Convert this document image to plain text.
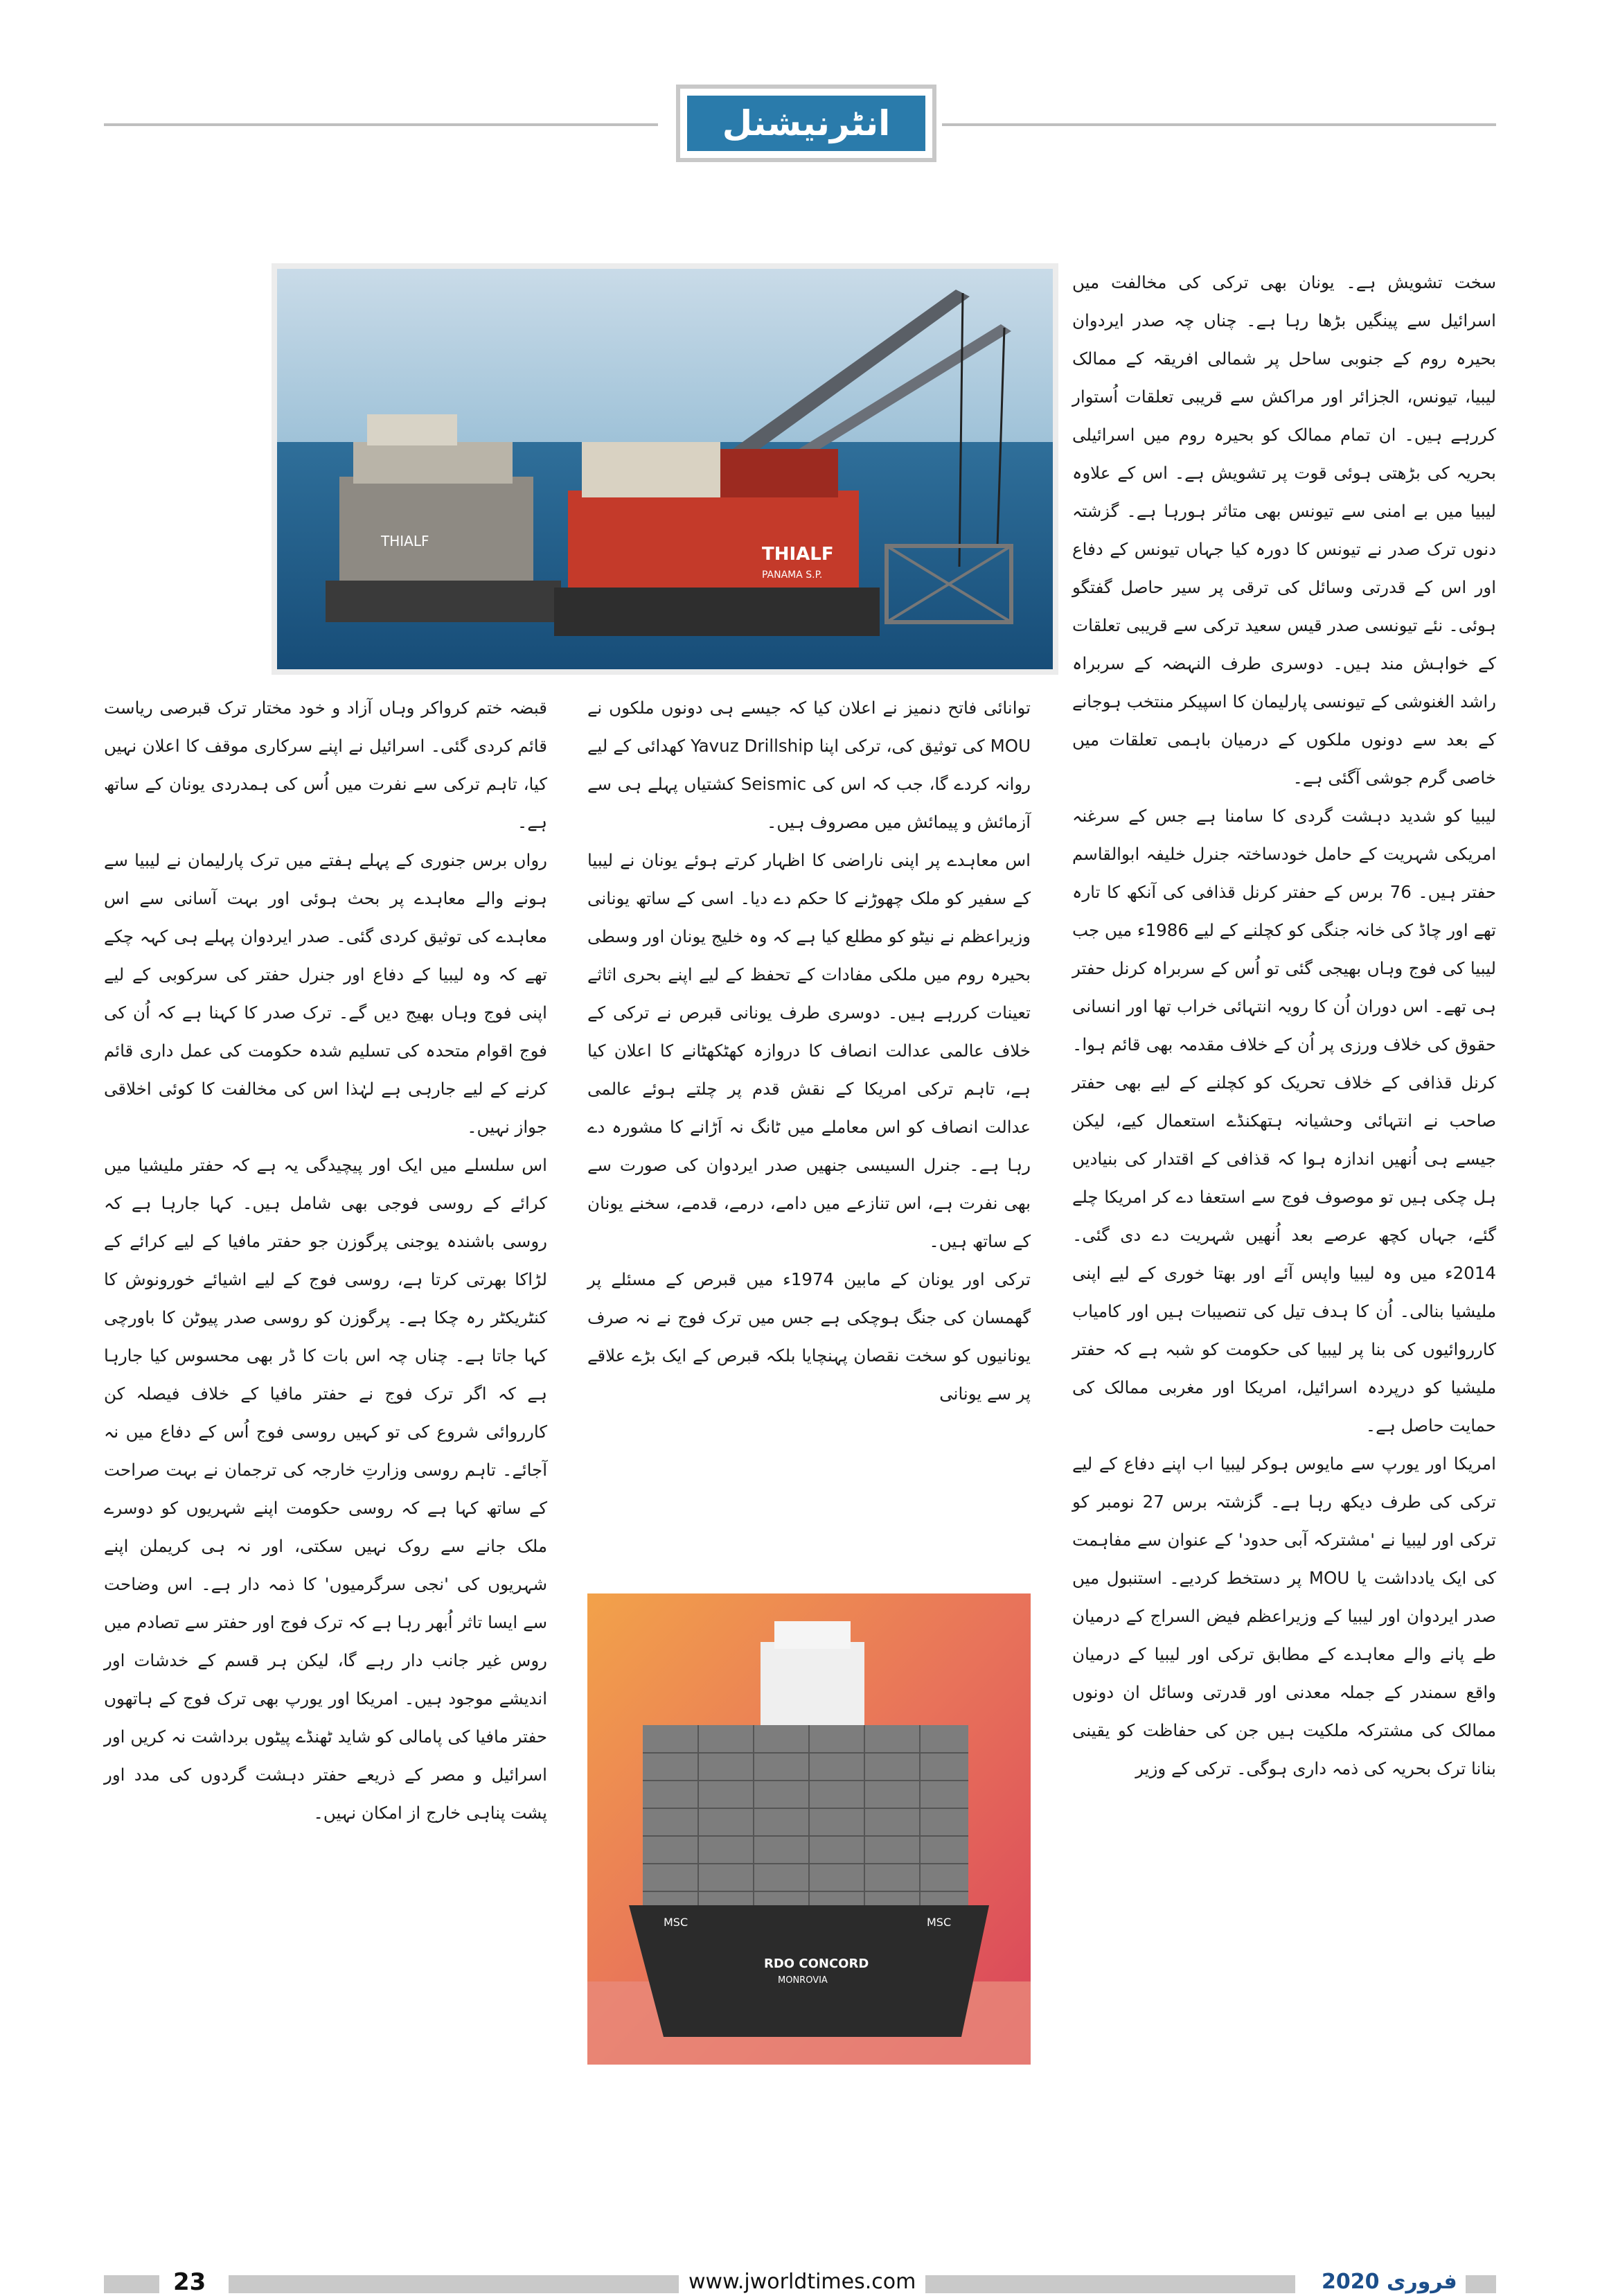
انٹرنیشنل
THIALF
THIALF
PANAMA S.P.
MSC	MSC
RDO CONCORD
MONROVIA

سخت تشویش ہے۔ یونان بھی ترکی کی مخالفت میں اسرائیل سے پینگیں بڑھا رہا ہے۔ چناں چہ صدر ایردوان بحیرہ روم کے جنوبی ساحل پر شمالی افریقہ کے ممالک لیبیا، تیونس، الجزائر اور مراکش سے قریبی تعلقات اُستوار کررہے ہیں۔ ان تمام ممالک کو بحیرہ روم میں اسرائیلی بحریہ کی بڑھتی ہوئی قوت پر تشویش ہے۔ اس کے علاوہ لیبیا میں بے امنی سے تیونس بھی متاثر ہورہا ہے۔ گزشتہ دنوں ترک صدر نے تیونس کا دورہ کیا جہاں تیونس کے دفاع اور اس کے قدرتی وسائل کی ترقی پر سیر حاصل گفتگو ہوئی۔ نئے تیونسی صدر قیس سعید ترکی سے قریبی تعلقات کے خواہش مند ہیں۔ دوسری طرف النہضہ کے سربراہ راشد الغنوشی کے تیونسی پارلیمان کا اسپیکر منتخب ہوجانے کے بعد سے دونوں ملکوں کے درمیان باہمی تعلقات میں خاصی گرم جوشی آگئی ہے۔

لیبیا کو شدید دہشت گردی کا سامنا ہے جس کے سرغنہ امریکی شہریت کے حامل خودساختہ جنرل خلیفہ ابوالقاسم حفتر ہیں۔ 76 برس کے حفتر کرنل قذافی کی آنکھ کا تارہ تھے اور چاڈ کی خانہ جنگی کو کچلنے کے لیے 1986ء میں جب لیبیا کی فوج وہاں بھیجی گئی تو اُس کے سربراہ کرنل حفتر ہی تھے۔ اس دوران اُن کا رویہ انتہائی خراب تھا اور انسانی حقوق کی خلاف ورزی پر اُن کے خلاف مقدمہ بھی قائم ہوا۔ کرنل قذافی کے خلاف تحریک کو کچلنے کے لیے بھی حفتر صاحب نے انتہائی وحشیانہ ہتھکنڈے استعمال کیے، لیکن جیسے ہی اُنھیں اندازہ ہوا کہ قذافی کے اقتدار کی بنیادیں ہل چکی ہیں تو موصوف فوج سے استعفا دے کر امریکا چلے گئے، جہاں کچھ عرصے بعد اُنھیں شہریت دے دی گئی۔ 2014ء میں وہ لیبیا واپس آئے اور بھتا خوری کے لیے اپنی ملیشیا بنالی۔ اُن کا ہدف تیل کی تنصیبات ہیں اور کامیاب کارروائیوں کی بنا پر لیبیا کی حکومت کو شبہ ہے کہ حفتر ملیشیا کو درپردہ اسرائیل، امریکا اور مغربی ممالک کی حمایت حاصل ہے۔

امریکا اور یورپ سے مایوس ہوکر لیبیا اب اپنے دفاع کے لیے ترکی کی طرف دیکھ رہا ہے۔ گزشتہ برس 27 نومبر کو ترکی اور لیبیا نے 'مشترکہ آبی حدود' کے عنوان سے مفاہمت کی ایک یادداشت یا MOU پر دستخط کردیے۔ استنبول میں صدر ایردوان اور لیبیا کے وزیراعظم فیض السراج کے درمیان طے پانے والے معاہدے کے مطابق ترکی اور لیبیا کے درمیان واقع سمندر کے جملہ معدنی اور قدرتی وسائل ان دونوں ممالک کی مشترکہ ملکیت ہیں جن کی حفاظت کو یقینی بنانا ترک بحریہ کی ذمہ داری ہوگی۔ ترکی کے وزیر

توانائی فاتح دنمیز نے اعلان کیا کہ جیسے ہی دونوں ملکوں نے MOU کی توثیق کی، ترکی اپنا Yavuz Drillship کھدائی کے لیے روانہ کردے گا، جب کہ اس کی Seismic کشتیاں پہلے ہی سے آزمائش و پیمائش میں مصروف ہیں۔

اس معاہدے پر اپنی ناراضی کا اظہار کرتے ہوئے یونان نے لیبیا کے سفیر کو ملک چھوڑنے کا حکم دے دیا۔ اسی کے ساتھ یونانی وزیراعظم نے نیٹو کو مطلع کیا ہے کہ وہ خلیج یونان اور وسطی بحیرہ روم میں ملکی مفادات کے تحفظ کے لیے اپنے بحری اثاثے تعینات کررہے ہیں۔ دوسری طرف یونانی قبرص نے ترکی کے خلاف عالمی عدالت انصاف کا دروازہ کھٹکھٹانے کا اعلان کیا ہے، تاہم ترکی امریکا کے نقش قدم پر چلتے ہوئے عالمی عدالت انصاف کو اس معاملے میں ٹانگ نہ اَڑانے کا مشورہ دے رہا ہے۔ جنرل السیسی جنھیں صدر ایردوان کی صورت سے بھی نفرت ہے، اس تنازعے میں دامے، درمے، قدمے، سخنے یونان کے ساتھ ہیں۔

ترکی اور یونان کے مابین 1974ء میں قبرص کے مسئلے پر گھمسان کی جنگ ہوچکی ہے جس میں ترک فوج نے نہ صرف یونانیوں کو سخت نقصان پہنچایا بلکہ قبرص کے ایک بڑے علاقے پر سے یونانی

قبضہ ختم کرواکر وہاں آزاد و خود مختار ترک قبرصی ریاست قائم کردی گئی۔ اسرائیل نے اپنے سرکاری موقف کا اعلان نہیں کیا، تاہم ترکی سے نفرت میں اُس کی ہمدردی یونان کے ساتھ ہے۔

رواں برس جنوری کے پہلے ہفتے میں ترک پارلیمان نے لیبیا سے ہونے والے معاہدے پر بحث ہوئی اور بہت آسانی سے اس معاہدے کی توثیق کردی گئی۔ صدر ایردوان پہلے ہی کہہ چکے تھے کہ وہ لیبیا کے دفاع اور جنرل حفتر کی سرکوبی کے لیے اپنی فوج وہاں بھیج دیں گے۔ ترک صدر کا کہنا ہے کہ اُن کی فوج اقوام متحدہ کی تسلیم شدہ حکومت کی عمل داری قائم کرنے کے لیے جارہی ہے لہٰذا اس کی مخالفت کا کوئی اخلاقی جواز نہیں۔

اس سلسلے میں ایک اور پیچیدگی یہ ہے کہ حفتر ملیشیا میں کرائے کے روسی فوجی بھی شامل ہیں۔ کہا جارہا ہے کہ روسی باشندہ یوجنی پرگوزن جو حفتر مافیا کے لیے کرائے کے لڑاکا بھرتی کرتا ہے، روسی فوج کے لیے اشیائے خورونوش کا کنٹریکٹر رہ چکا ہے۔ پرگوزن کو روسی صدر پیوٹن کا باورچی کہا جاتا ہے۔ چناں چہ اس بات کا ڈر بھی محسوس کیا جارہا ہے کہ اگر ترک فوج نے حفتر مافیا کے خلاف فیصلہ کن کارروائی شروع کی تو کہیں روسی فوج اُس کے دفاع میں نہ آجائے۔ تاہم روسی وزارتِ خارجہ کی ترجمان نے بہت صراحت کے ساتھ کہا ہے کہ روسی حکومت اپنے شہریوں کو دوسرے ملک جانے سے روک نہیں سکتی، اور نہ ہی کریملن اپنے شہریوں کی 'نجی سرگرمیوں' کا ذمہ دار ہے۔ اس وضاحت سے ایسا تاثر اُبھر رہا ہے کہ ترک فوج اور حفتر سے تصادم میں روس غیر جانب دار رہے گا، لیکن ہر قسم کے خدشات اور اندیشے موجود ہیں۔ امریکا اور یورپ بھی ترک فوج کے ہاتھوں حفتر مافیا کی پامالی کو شاید ٹھنڈے پیٹوں برداشت نہ کریں اور اسرائیل و مصر کے ذریعے حفتر دہشت گردوں کی مدد اور پشت پناہی خارج از امکان نہیں۔

23	www.jworldtimes.com	فروری 2020
